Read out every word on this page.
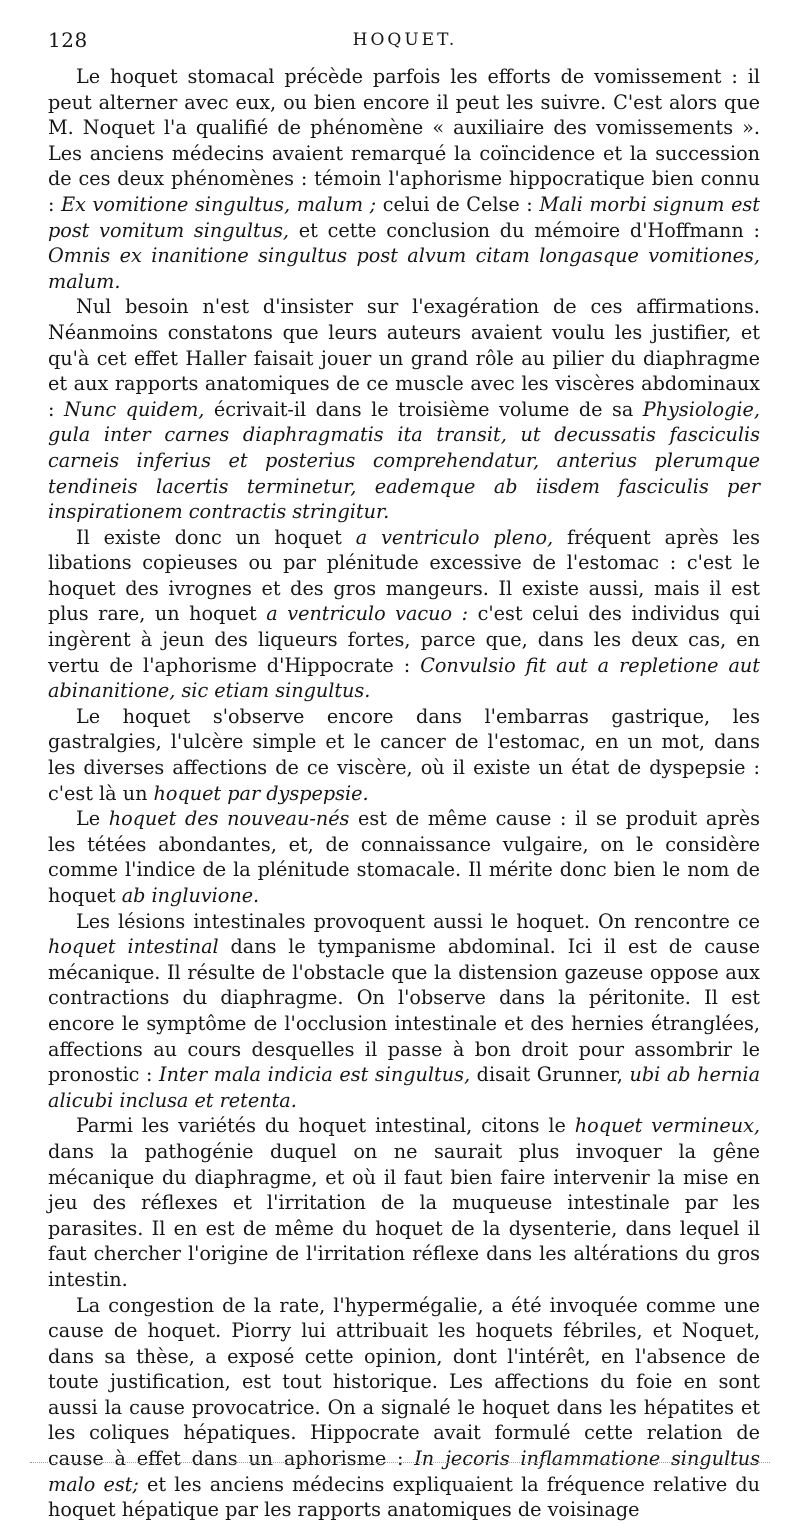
128	HOQUET.

Le hoquet stomacal précède parfois les efforts de vomissement : il peut alterner avec eux, ou bien encore il peut les suivre. C'est alors que M. Noquet l'a qualifié de phénomène « auxiliaire des vomissements ». Les anciens médecins avaient remarqué la coïncidence et la succession de ces deux phénomènes : témoin l'aphorisme hippocratique bien connu : Ex vomitione singultus, malum ; celui de Celse : Mali morbi signum est post vomitum singultus, et cette conclusion du mémoire d'Hoffmann : Omnis ex inanitione singultus post alvum citam longasque vomitiones, malum.

Nul besoin n'est d'insister sur l'exagération de ces affirmations. Néanmoins constatons que leurs auteurs avaient voulu les justifier, et qu'à cet effet Haller faisait jouer un grand rôle au pilier du diaphragme et aux rapports anatomiques de ce muscle avec les viscères abdominaux : Nunc quidem, écrivait-il dans le troisième volume de sa Physiologie, gula inter carnes diaphragmatis ita transit, ut decussatis fasciculis carneis inferius et posterius comprehendatur, anterius plerumque tendineis lacertis terminetur, eademque ab iisdem fasciculis per inspirationem contractis stringitur.

Il existe donc un hoquet a ventriculo pleno, fréquent après les libations copieuses ou par plénitude excessive de l'estomac : c'est le hoquet des ivrognes et des gros mangeurs. Il existe aussi, mais il est plus rare, un hoquet a ventriculo vacuo : c'est celui des individus qui ingèrent à jeun des liqueurs fortes, parce que, dans les deux cas, en vertu de l'aphorisme d'Hippocrate : Convulsio fit aut a repletione aut abinanitione, sic etiam singultus.

Le hoquet s'observe encore dans l'embarras gastrique, les gastralgies, l'ulcère simple et le cancer de l'estomac, en un mot, dans les diverses affections de ce viscère, où il existe un état de dyspepsie : c'est là un hoquet par dyspepsie.

Le hoquet des nouveau-nés est de même cause : il se produit après les tétées abondantes, et, de connaissance vulgaire, on le considère comme l'indice de la plénitude stomacale. Il mérite donc bien le nom de hoquet ab ingluvione.

Les lésions intestinales provoquent aussi le hoquet. On rencontre ce hoquet intestinal dans le tympanisme abdominal. Ici il est de cause mécanique. Il résulte de l'obstacle que la distension gazeuse oppose aux contractions du diaphragme. On l'observe dans la péritonite. Il est encore le symptôme de l'occlusion intestinale et des hernies étranglées, affections au cours desquelles il passe à bon droit pour assombrir le pronostic : Inter mala indicia est singultus, disait Grunner, ubi ab hernia alicubi inclusa et retenta.

Parmi les variétés du hoquet intestinal, citons le hoquet vermineux, dans la pathogénie duquel on ne saurait plus invoquer la gêne mécanique du diaphragme, et où il faut bien faire intervenir la mise en jeu des réflexes et l'irritation de la muqueuse intestinale par les parasites. Il en est de même du hoquet de la dysenterie, dans lequel il faut chercher l'origine de l'irritation réflexe dans les altérations du gros intestin.

La congestion de la rate, l'hypermégalie, a été invoquée comme une cause de hoquet. Piorry lui attribuait les hoquets fébriles, et Noquet, dans sa thèse, a exposé cette opinion, dont l'intérêt, en l'absence de toute justification, est tout historique. Les affections du foie en sont aussi la cause provocatrice. On a signalé le hoquet dans les hépatites et les coliques hépatiques. Hippocrate avait formulé cette relation de cause à effet dans un aphorisme : In jecoris inflammatione singultus malo est; et les anciens médecins expliquaient la fréquence relative du hoquet hépatique par les rapports anatomiques de voisinage
